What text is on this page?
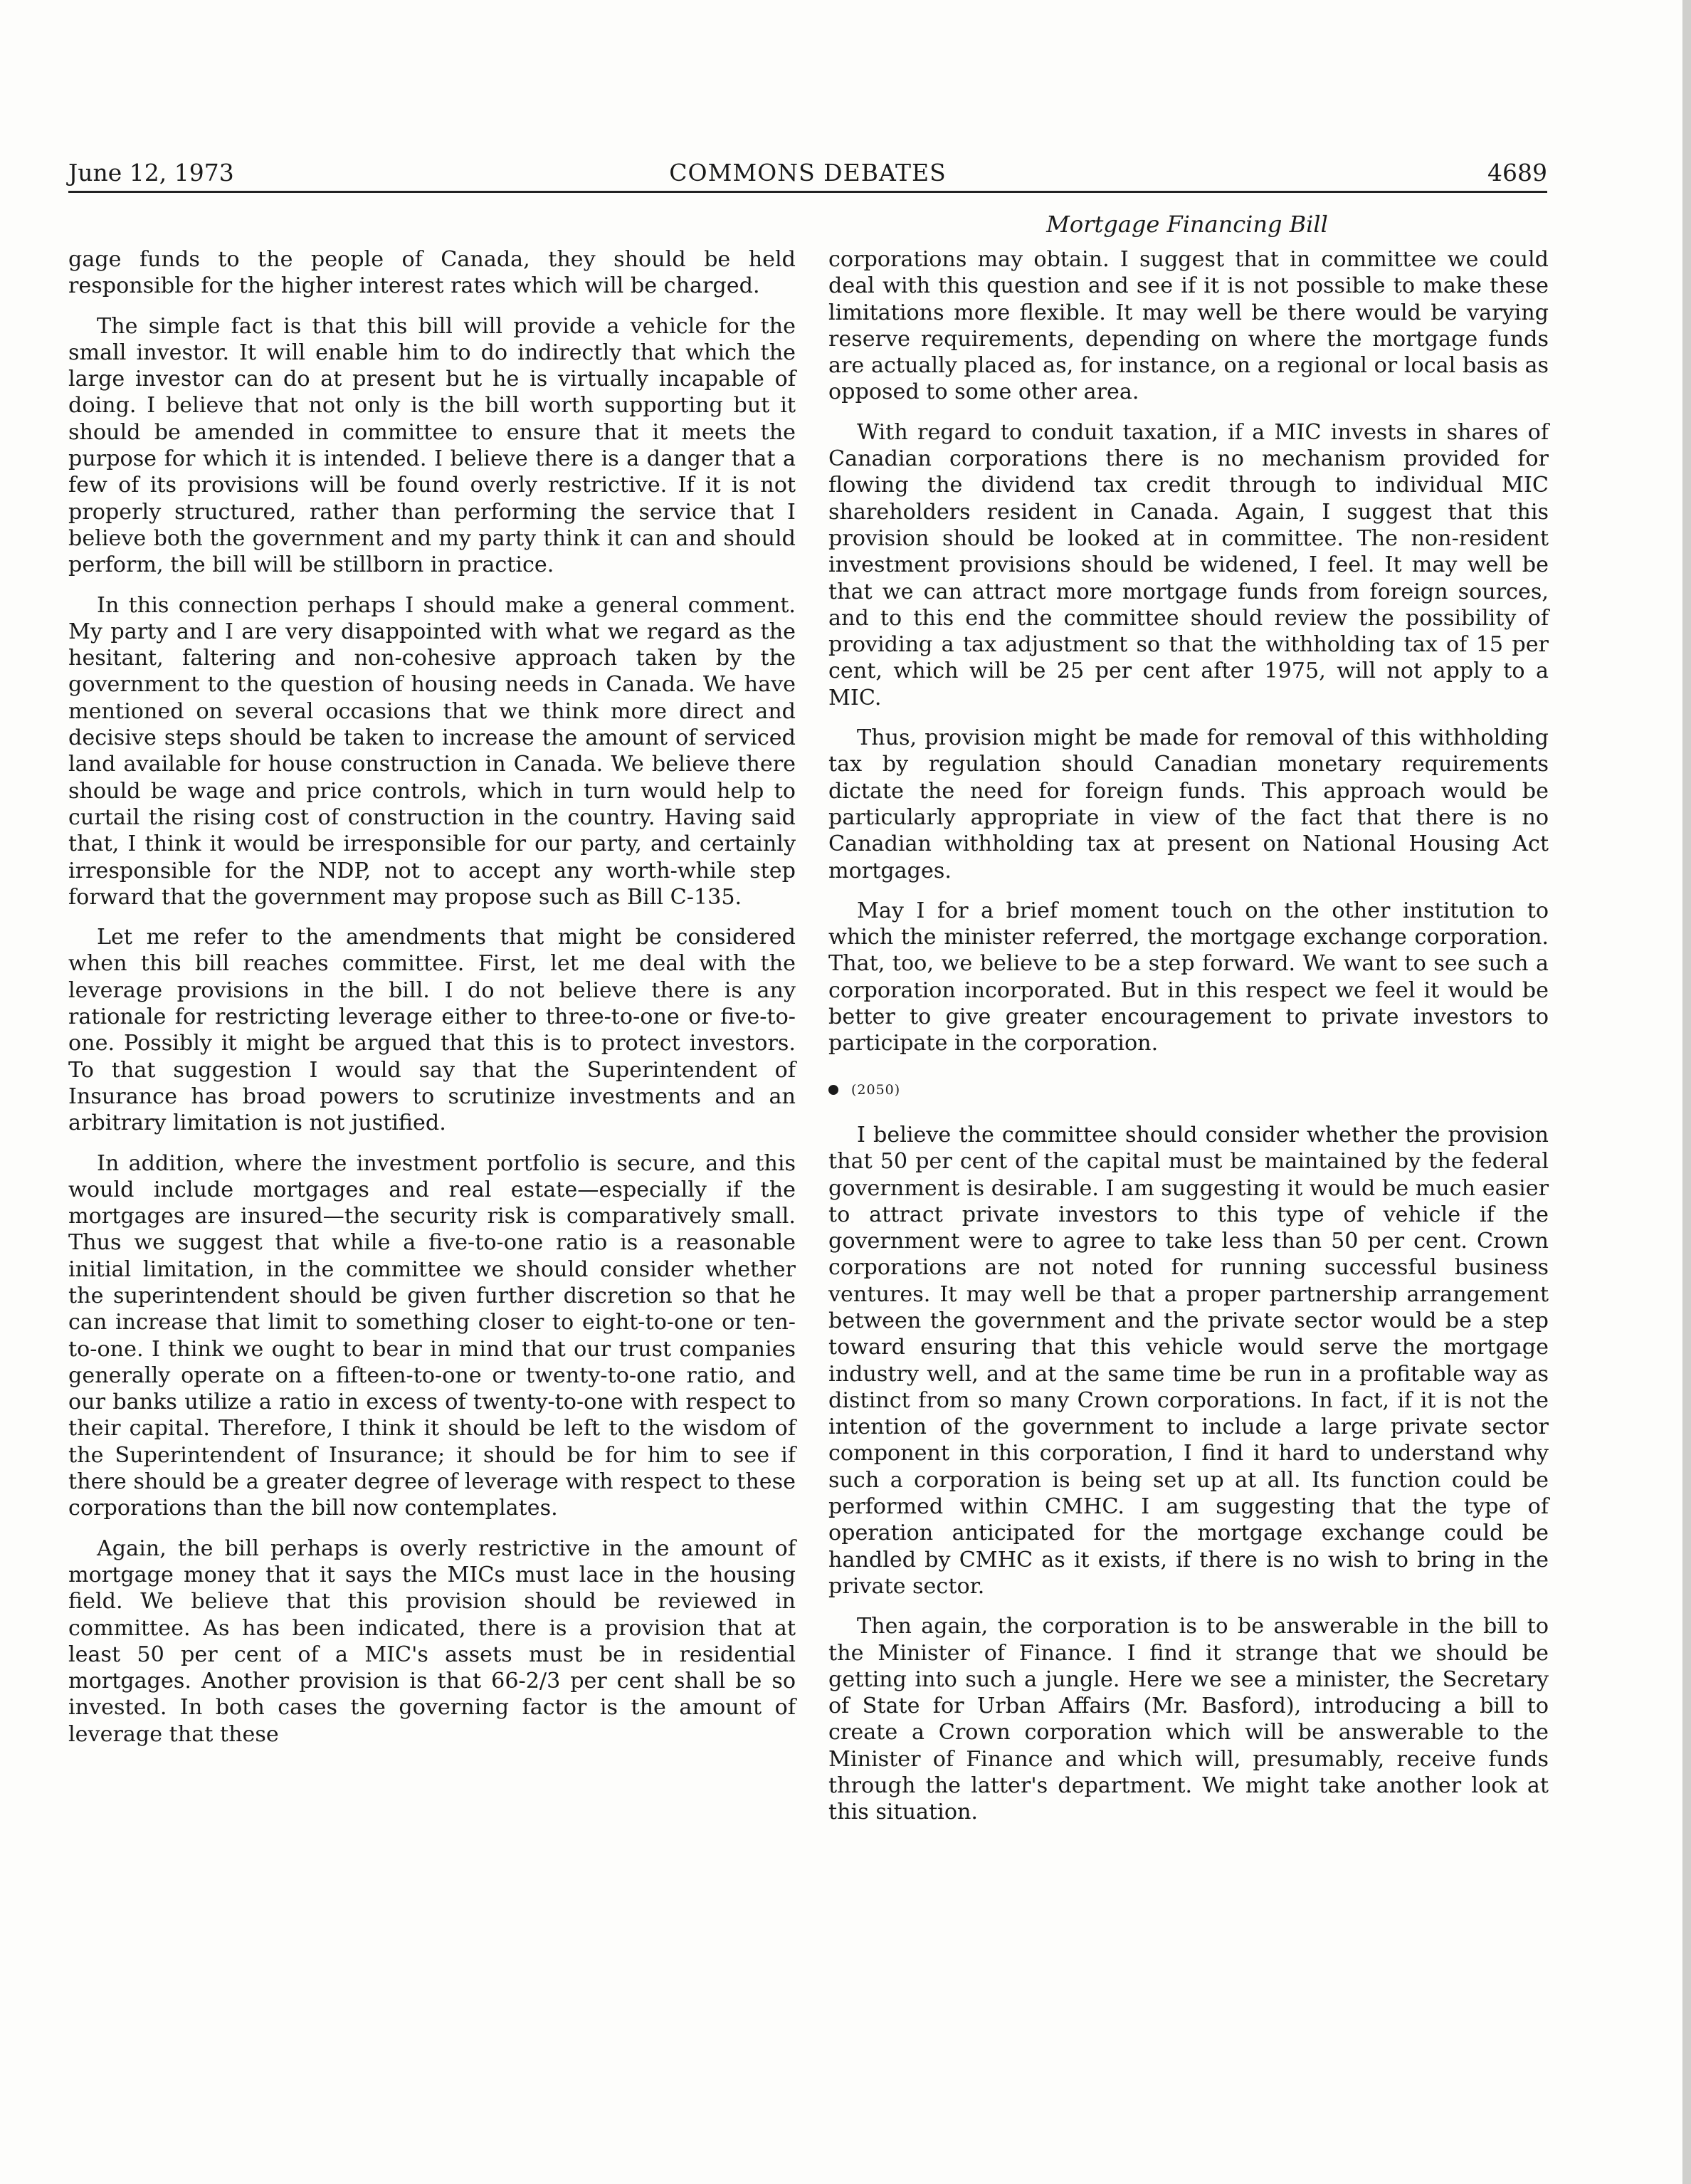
June 12, 1973	COMMONS DEBATES	4689
Mortgage Financing Bill

gage funds to the people of Canada, they should be held responsible for the higher interest rates which will be charged.

The simple fact is that this bill will provide a vehicle for the small investor. It will enable him to do indirectly that which the large investor can do at present but he is virtually incapable of doing. I believe that not only is the bill worth supporting but it should be amended in committee to ensure that it meets the purpose for which it is intended. I believe there is a danger that a few of its provisions will be found overly restrictive. If it is not properly structured, rather than performing the service that I believe both the government and my party think it can and should perform, the bill will be stillborn in practice.

In this connection perhaps I should make a general comment. My party and I are very disappointed with what we regard as the hesitant, faltering and non-cohesive approach taken by the government to the question of housing needs in Canada. We have mentioned on several occasions that we think more direct and decisive steps should be taken to increase the amount of serviced land available for house construction in Canada. We believe there should be wage and price controls, which in turn would help to curtail the rising cost of construction in the country. Having said that, I think it would be irresponsible for our party, and certainly irresponsible for the NDP, not to accept any worth-while step forward that the government may propose such as Bill C-135.

Let me refer to the amendments that might be considered when this bill reaches committee. First, let me deal with the leverage provisions in the bill. I do not believe there is any rationale for restricting leverage either to three-to-one or five-to-one. Possibly it might be argued that this is to protect investors. To that suggestion I would say that the Superintendent of Insurance has broad powers to scrutinize investments and an arbitrary limitation is not justified.

In addition, where the investment portfolio is secure, and this would include mortgages and real estate—especially if the mortgages are insured—the security risk is comparatively small. Thus we suggest that while a five-to-one ratio is a reasonable initial limitation, in the committee we should consider whether the superintendent should be given further discretion so that he can increase that limit to something closer to eight-to-one or ten-to-one. I think we ought to bear in mind that our trust companies generally operate on a fifteen-to-one or twenty-to-one ratio, and our banks utilize a ratio in excess of twenty-to-one with respect to their capital. Therefore, I think it should be left to the wisdom of the Superintendent of Insurance; it should be for him to see if there should be a greater degree of leverage with respect to these corporations than the bill now contemplates.

Again, the bill perhaps is overly restrictive in the amount of mortgage money that it says the MICs must lace in the housing field. We believe that this provision should be reviewed in committee. As has been indicated, there is a provision that at least 50 per cent of a MIC's assets must be in residential mortgages. Another provision is that 66-2/3 per cent shall be so invested. In both cases the governing factor is the amount of leverage that these

corporations may obtain. I suggest that in committee we could deal with this question and see if it is not possible to make these limitations more flexible. It may well be there would be varying reserve requirements, depending on where the mortgage funds are actually placed as, for instance, on a regional or local basis as opposed to some other area.

With regard to conduit taxation, if a MIC invests in shares of Canadian corporations there is no mechanism provided for flowing the dividend tax credit through to individual MIC shareholders resident in Canada. Again, I suggest that this provision should be looked at in committee. The non-resident investment provisions should be widened, I feel. It may well be that we can attract more mortgage funds from foreign sources, and to this end the committee should review the possibility of providing a tax adjustment so that the withholding tax of 15 per cent, which will be 25 per cent after 1975, will not apply to a MIC.

Thus, provision might be made for removal of this withholding tax by regulation should Canadian monetary requirements dictate the need for foreign funds. This approach would be particularly appropriate in view of the fact that there is no Canadian withholding tax at present on National Housing Act mortgages.

May I for a brief moment touch on the other institution to which the minister referred, the mortgage exchange corporation. That, too, we believe to be a step forward. We want to see such a corporation incorporated. But in this respect we feel it would be better to give greater encouragement to private investors to participate in the corporation.

(2050)

I believe the committee should consider whether the provision that 50 per cent of the capital must be maintained by the federal government is desirable. I am suggesting it would be much easier to attract private investors to this type of vehicle if the government were to agree to take less than 50 per cent. Crown corporations are not noted for running successful business ventures. It may well be that a proper partnership arrangement between the government and the private sector would be a step toward ensuring that this vehicle would serve the mortgage industry well, and at the same time be run in a profitable way as distinct from so many Crown corporations. In fact, if it is not the intention of the government to include a large private sector component in this corporation, I find it hard to understand why such a corporation is being set up at all. Its function could be performed within CMHC. I am suggesting that the type of operation anticipated for the mortgage exchange could be handled by CMHC as it exists, if there is no wish to bring in the private sector.

Then again, the corporation is to be answerable in the bill to the Minister of Finance. I find it strange that we should be getting into such a jungle. Here we see a minister, the Secretary of State for Urban Affairs (Mr. Basford), introducing a bill to create a Crown corporation which will be answerable to the Minister of Finance and which will, presumably, receive funds through the latter's department. We might take another look at this situation.
